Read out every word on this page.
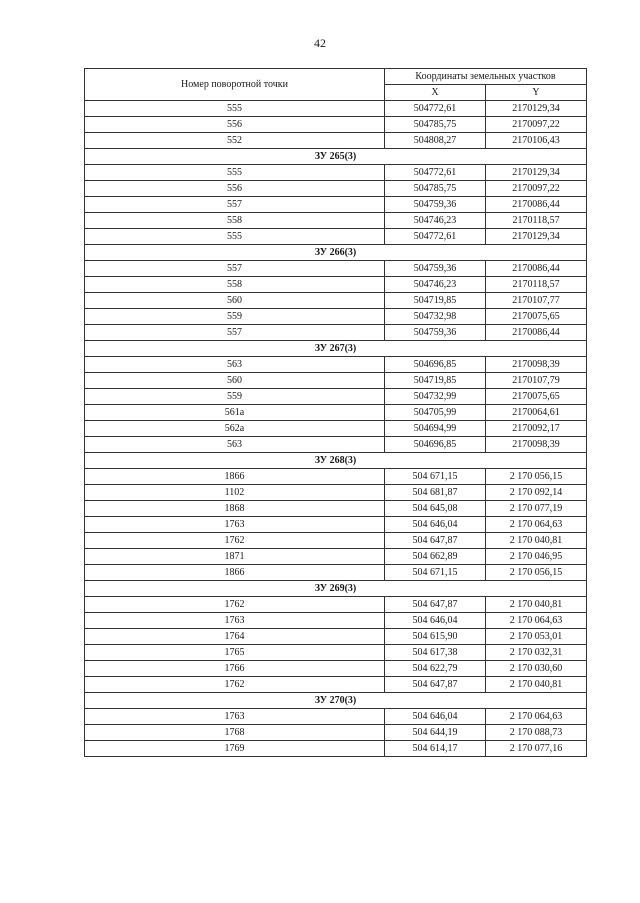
42
Номер поворотной точки	Координаты земельных участков	
	X	Y
555	504772,61	2170129,34
556	504785,75	2170097,22
552	504808,27	2170106,43
ЗУ 265(3)		
555	504772,61	2170129,34
556	504785,75	2170097,22
557	504759,36	2170086,44
558	504746,23	2170118,57
555	504772,61	2170129,34
ЗУ 266(3)		
557	504759,36	2170086,44
558	504746,23	2170118,57
560	504719,85	2170107,77
559	504732,98	2170075,65
557	504759,36	2170086,44
ЗУ 267(3)		
563	504696,85	2170098,39
560	504719,85	2170107,79
559	504732,99	2170075,65
561а	504705,99	2170064,61
562а	504694,99	2170092,17
563	504696,85	2170098,39
ЗУ 268(3)		
1866	504 671,15	2 170 056,15
1102	504 681,87	2 170 092,14
1868	504 645,08	2 170 077,19
1763	504 646,04	2 170 064,63
1762	504 647,87	2 170 040,81
1871	504 662,89	2 170 046,95
1866	504 671,15	2 170 056,15
ЗУ 269(3)		
1762	504 647,87	2 170 040,81
1763	504 646,04	2 170 064,63
1764	504 615,90	2 170 053,01
1765	504 617,38	2 170 032,31
1766	504 622,79	2 170 030,60
1762	504 647,87	2 170 040,81
ЗУ 270(3)		
1763	504 646,04	2 170 064,63
1768	504 644,19	2 170 088,73
1769	504 614,17	2 170 077,16
